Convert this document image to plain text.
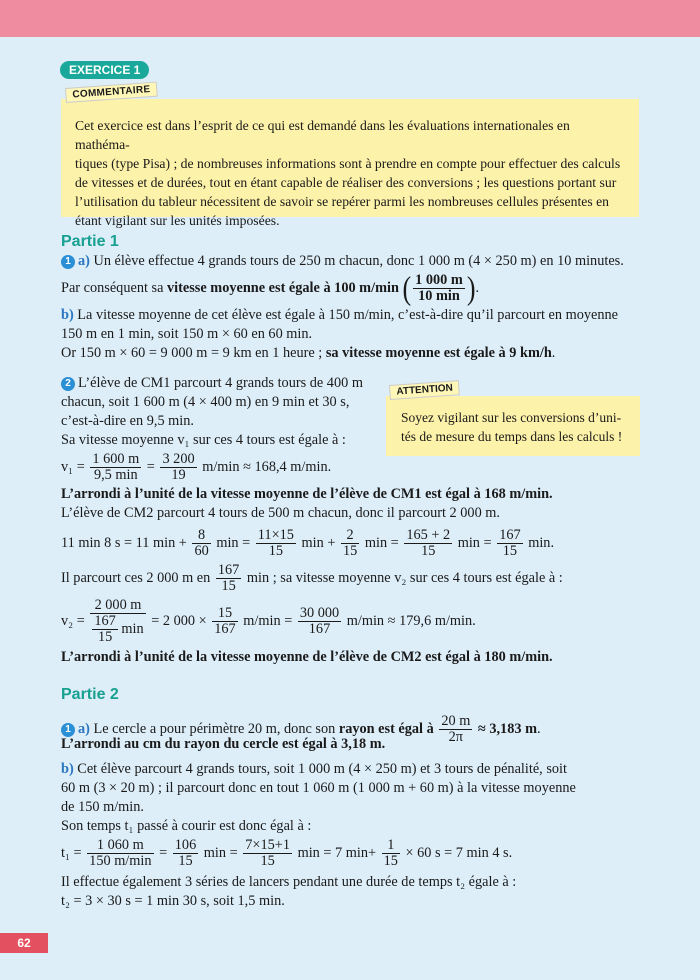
EXERCICE 1
COMMENTAIRE
Cet exercice est dans l’esprit de ce qui est demandé dans les évaluations internationales en mathéma-
tiques (type Pisa) ; de nombreuses informations sont à prendre en compte pour effectuer des calculs
de vitesses et de durées, tout en étant capable de réaliser des conversions ; les questions portant sur
l’utilisation du tableur nécessitent de savoir se repérer parmi les nombreuses cellules présentes en
étant vigilant sur les unités imposées.
Partie 1
1 a) Un élève effectue 4 grands tours de 250 m chacun, donc 1 000 m (4 × 250 m) en 10 minutes.
Par conséquent sa vitesse moyenne est égale à 100 m/min ( $\frac{1 000 m}{10 \min}$ ).
b) La vitesse moyenne de cet élève est égale à 150 m/min, c’est-à-dire qu’il parcourt en moyenne
150 m en 1 min, soit 150 m × 60 en 60 min.
Or 150 m × 60 = 9 000 m = 9 km en 1 heure ; sa vitesse moyenne est égale à 9 km/h.
2 L’élève de CM1 parcourt 4 grands tours de 400 m
chacun, soit 1 600 m (4 × 400 m) en 9 min et 30 s,
c’est-à-dire en 9,5 min.
Sa vitesse moyenne v₁ sur ces 4 tours est égale à :
ATTENTION
Soyez vigilant sur les conversions d’uni-
tés de mesure du temps dans les calculs !
$v_1 = \frac{1 600 m}{9,5 \min} = \frac{3 200}{19} m/\min \approx 168,4$ m/min.
L’arrondi à l’unité de la vitesse moyenne de l’élève de CM1 est égal à 168 m/min.
L’élève de CM2 parcourt 4 tours de 500 m chacun, donc il parcourt 2 000 m.
11 min 8 s = 11 $\min + \frac{8}{60}$ $\min = \frac{11\times 15}{15}$ $\min + \frac{2}{15}$ $\min = \frac{165 + 2}{15}$ $\min = \frac{167}{15} \min$.
Il parcourt ces 2 000 m en $\frac{167}{15}$ min ; sa vitesse moyenne v₂ sur ces 4 tours est égale à :
$v_2 = \frac{2 000 m}{\frac{167}{15} \min} = 2$ $000 \times \frac{15}{167} m/\min = \frac{30 000}{167} m/\min \approx 179,6$ m/min.
L’arrondi à l’unité de la vitesse moyenne de l’élève de CM2 est égal à 180 m/min.
Partie 2
1 a) Le cercle a pour périmètre 20 m, donc son rayon est égal à $\frac{20 m}{2\pi} \approx 3,183$ m.
L’arrondi au cm du rayon du cercle est égal à 3,18 m.
b) Cet élève parcourt 4 grands tours, soit 1 000 m (4 × 250 m) et 3 tours de pénalité, soit
60 m (3 × 20 m) ; il parcourt donc en tout 1 060 m (1 000 m + 60 m) à la vitesse moyenne
de 150 m/min.
Son temps t₁ passé à courir est donc égal à :
$t_1 = \frac{1 060 m}{150 m/\min} = \frac{106}{15}$ $\min = \frac{7\times 15+1}{15}$ min = 7 $\min+ \frac{1}{15} \times 60$ s = 7 min 4 s.
Il effectue également 3 séries de lancers pendant une durée de temps t₂ égale à :
t₂ = 3 × 30 s = 1 min 30 s, soit 1,5 min.
62
